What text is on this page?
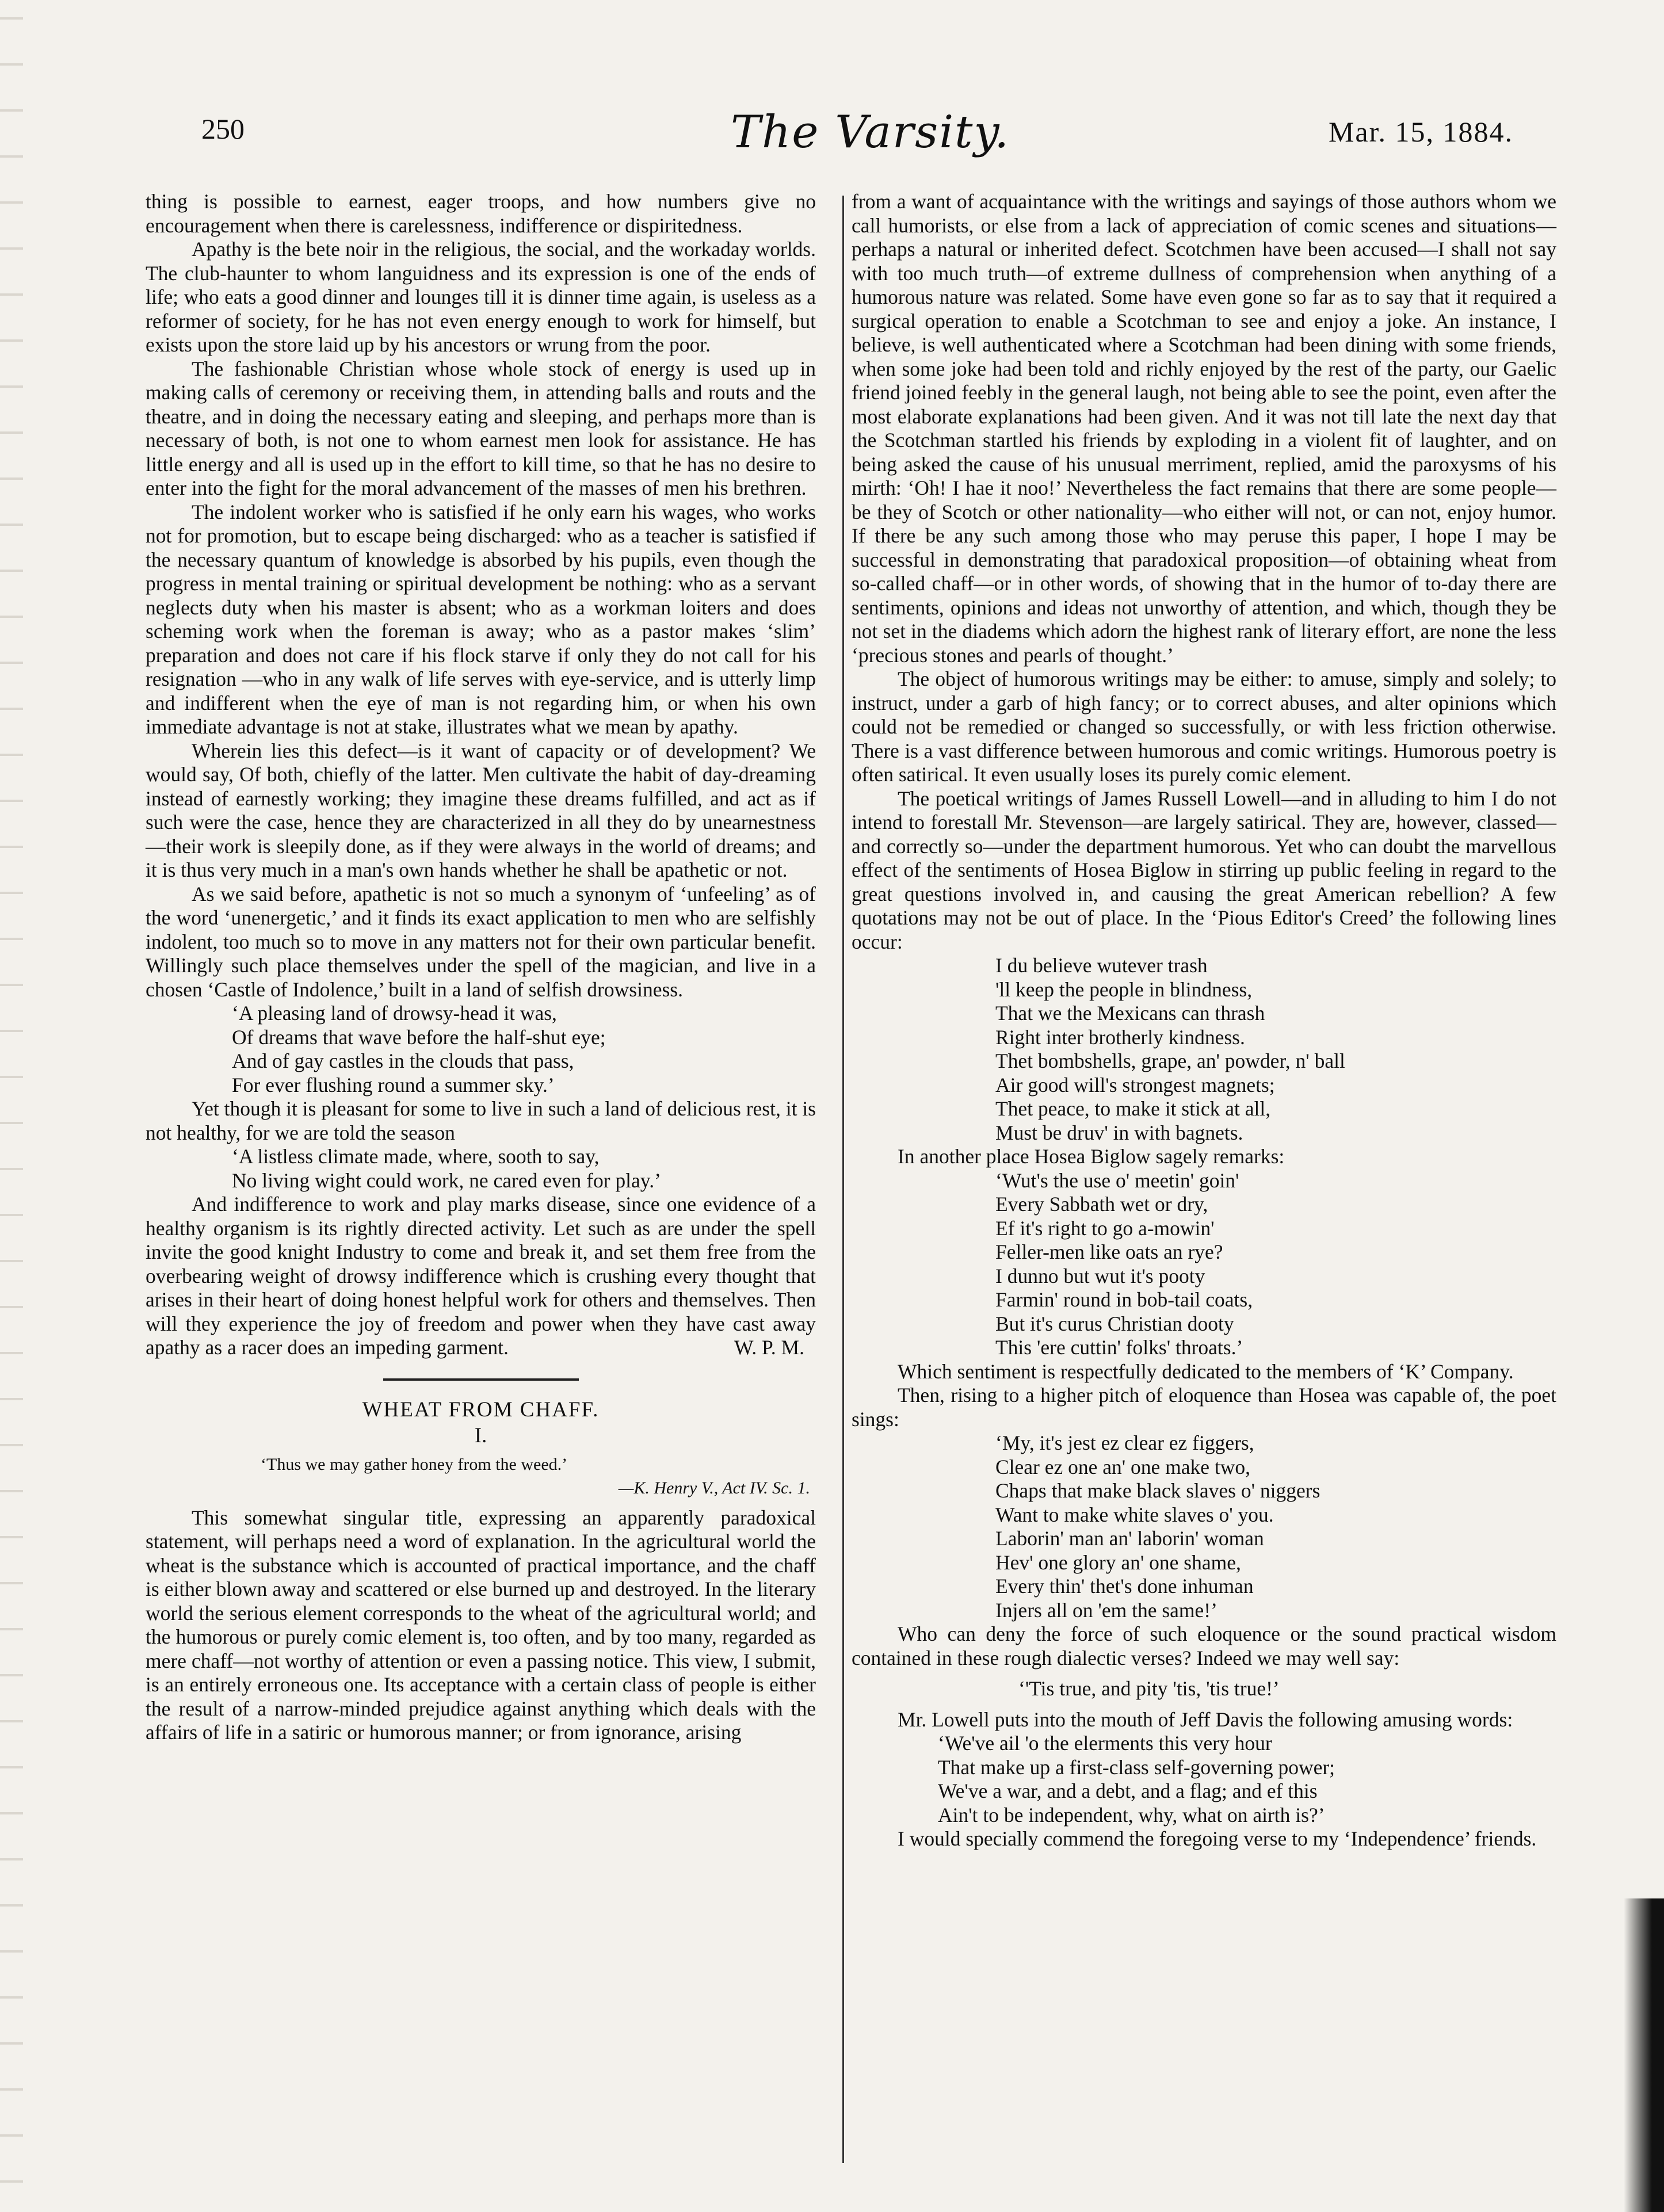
250	The Varsity.	Mar. 15, 1884.

thing is possible to earnest, eager troops, and how numbers give no encouragement when there is carelessness, indifference or dispiritedness.

Apathy is the bete noir in the religious, the social, and the workaday worlds. The club-haunter to whom languidness and its expression is one of the ends of life; who eats a good dinner and lounges till it is dinner time again, is useless as a reformer of society, for he has not even energy enough to work for himself, but exists upon the store laid up by his ancestors or wrung from the poor.

The fashionable Christian whose whole stock of energy is used up in making calls of ceremony or receiving them, in attending balls and routs and the theatre, and in doing the necessary eating and sleeping, and perhaps more than is necessary of both, is not one to whom earnest men look for assistance. He has little energy and all is used up in the effort to kill time, so that he has no desire to enter into the fight for the moral advancement of the masses of men his brethren.

The indolent worker who is satisfied if he only earn his wages, who works not for promotion, but to escape being discharged: who as a teacher is satisfied if the necessary quantum of knowledge is absorbed by his pupils, even though the progress in mental training or spiritual development be nothing: who as a servant neglects duty when his master is absent; who as a workman loiters and does scheming work when the foreman is away; who as a pastor makes ‘slim’ preparation and does not care if his flock starve if only they do not call for his resignation —who in any walk of life serves with eye-service, and is utterly limp and indifferent when the eye of man is not regarding him, or when his own immediate advantage is not at stake, illustrates what we mean by apathy.

Wherein lies this defect—is it want of capacity or of development? We would say, Of both, chiefly of the latter. Men cultivate the habit of day-dreaming instead of earnestly working; they imagine these dreams fulfilled, and act as if such were the case, hence they are characterized in all they do by unearnestness —their work is sleepily done, as if they were always in the world of dreams; and it is thus very much in a man's own hands whether he shall be apathetic or not.

As we said before, apathetic is not so much a synonym of ‘unfeeling’ as of the word ‘unenergetic,’ and it finds its exact application to men who are selfishly indolent, too much so to move in any matters not for their own particular benefit. Willingly such place themselves under the spell of the magician, and live in a chosen ‘Castle of Indolence,’ built in a land of selfish drowsiness.

‘A pleasing land of drowsy-head it was,
Of dreams that wave before the half-shut eye;
And of gay castles in the clouds that pass,
For ever flushing round a summer sky.’

Yet though it is pleasant for some to live in such a land of delicious rest, it is not healthy, for we are told the season

‘A listless climate made, where, sooth to say,
No living wight could work, ne cared even for play.’

And indifference to work and play marks disease, since one evidence of a healthy organism is its rightly directed activity. Let such as are under the spell invite the good knight Industry to come and break it, and set them free from the overbearing weight of drowsy indifference which is crushing every thought that arises in their heart of doing honest helpful work for others and themselves. Then will they experience the joy of freedom and power when they have cast away apathy as a racer does an impeding garment.	W. P. M.

WHEAT FROM CHAFF.
I.
‘Thus we may gather honey from the weed.’
—K. Henry V., Act IV. Sc. 1.

This somewhat singular title, expressing an apparently paradoxical statement, will perhaps need a word of explanation. In the agricultural world the wheat is the substance which is accounted of practical importance, and the chaff is either blown away and scattered or else burned up and destroyed. In the literary world the serious element corresponds to the wheat of the agricultural world; and the humorous or purely comic element is, too often, and by too many, regarded as mere chaff—not worthy of attention or even a passing notice. This view, I submit, is an entirely erroneous one. Its acceptance with a certain class of people is either the result of a narrow-minded prejudice against anything which deals with the affairs of life in a satiric or humorous manner; or from ignorance, arising

from a want of acquaintance with the writings and sayings of those authors whom we call humorists, or else from a lack of appreciation of comic scenes and situations—perhaps a natural or inherited defect. Scotchmen have been accused—I shall not say with too much truth—of extreme dullness of comprehension when anything of a humorous nature was related. Some have even gone so far as to say that it required a surgical operation to enable a Scotchman to see and enjoy a joke. An instance, I believe, is well authenticated where a Scotchman had been dining with some friends, when some joke had been told and richly enjoyed by the rest of the party, our Gaelic friend joined feebly in the general laugh, not being able to see the point, even after the most elaborate explanations had been given. And it was not till late the next day that the Scotchman startled his friends by exploding in a violent fit of laughter, and on being asked the cause of his unusual merriment, replied, amid the paroxysms of his mirth: ‘Oh! I hae it noo!’ Nevertheless the fact remains that there are some people—be they of Scotch or other nationality—who either will not, or can not, enjoy humor. If there be any such among those who may peruse this paper, I hope I may be successful in demonstrating that paradoxical proposition—of obtaining wheat from so-called chaff—or in other words, of showing that in the humor of to-day there are sentiments, opinions and ideas not unworthy of attention, and which, though they be not set in the diadems which adorn the highest rank of literary effort, are none the less ‘precious stones and pearls of thought.’

The object of humorous writings may be either: to amuse, simply and solely; to instruct, under a garb of high fancy; or to correct abuses, and alter opinions which could not be remedied or changed so successfully, or with less friction otherwise. There is a vast difference between humorous and comic writings. Humorous poetry is often satirical. It even usually loses its purely comic element.

The poetical writings of James Russell Lowell—and in alluding to him I do not intend to forestall Mr. Stevenson—are largely satirical. They are, however, classed—and correctly so—under the department humorous. Yet who can doubt the marvellous effect of the sentiments of Hosea Biglow in stirring up public feeling in regard to the great questions involved in, and causing the great American rebellion? A few quotations may not be out of place. In the ‘Pious Editor's Creed’ the following lines occur:

I du believe wutever trash
'll keep the people in blindness,
That we the Mexicans can thrash
Right inter brotherly kindness.
Thet bombshells, grape, an' powder, n' ball
Air good will's strongest magnets;
Thet peace, to make it stick at all,
Must be druv' in with bagnets.

In another place Hosea Biglow sagely remarks:

‘Wut's the use o' meetin' goin'
Every Sabbath wet or dry,
Ef it's right to go a-mowin'
Feller-men like oats an rye?
I dunno but wut it's pooty
Farmin' round in bob-tail coats,
But it's curus Christian dooty
This 'ere cuttin' folks' throats.’

Which sentiment is respectfully dedicated to the members of ‘K’ Company.

Then, rising to a higher pitch of eloquence than Hosea was capable of, the poet sings:

‘My, it's jest ez clear ez figgers,
Clear ez one an' one make two,
Chaps that make black slaves o' niggers
Want to make white slaves o' you.
Laborin' man an' laborin' woman
Hev' one glory an' one shame,
Every thin' thet's done inhuman
Injers all on 'em the same!’

Who can deny the force of such eloquence or the sound practical wisdom contained in these rough dialectic verses? Indeed we may well say:

‘'Tis true, and pity 'tis, 'tis true!’

Mr. Lowell puts into the mouth of Jeff Davis the following amusing words:

‘We've ail 'o the elerments this very hour
That make up a first-class self-governing power;
We've a war, and a debt, and a flag; and ef this
Ain't to be independent, why, what on airth is?’

I would specially commend the foregoing verse to my ‘Independence’ friends.
